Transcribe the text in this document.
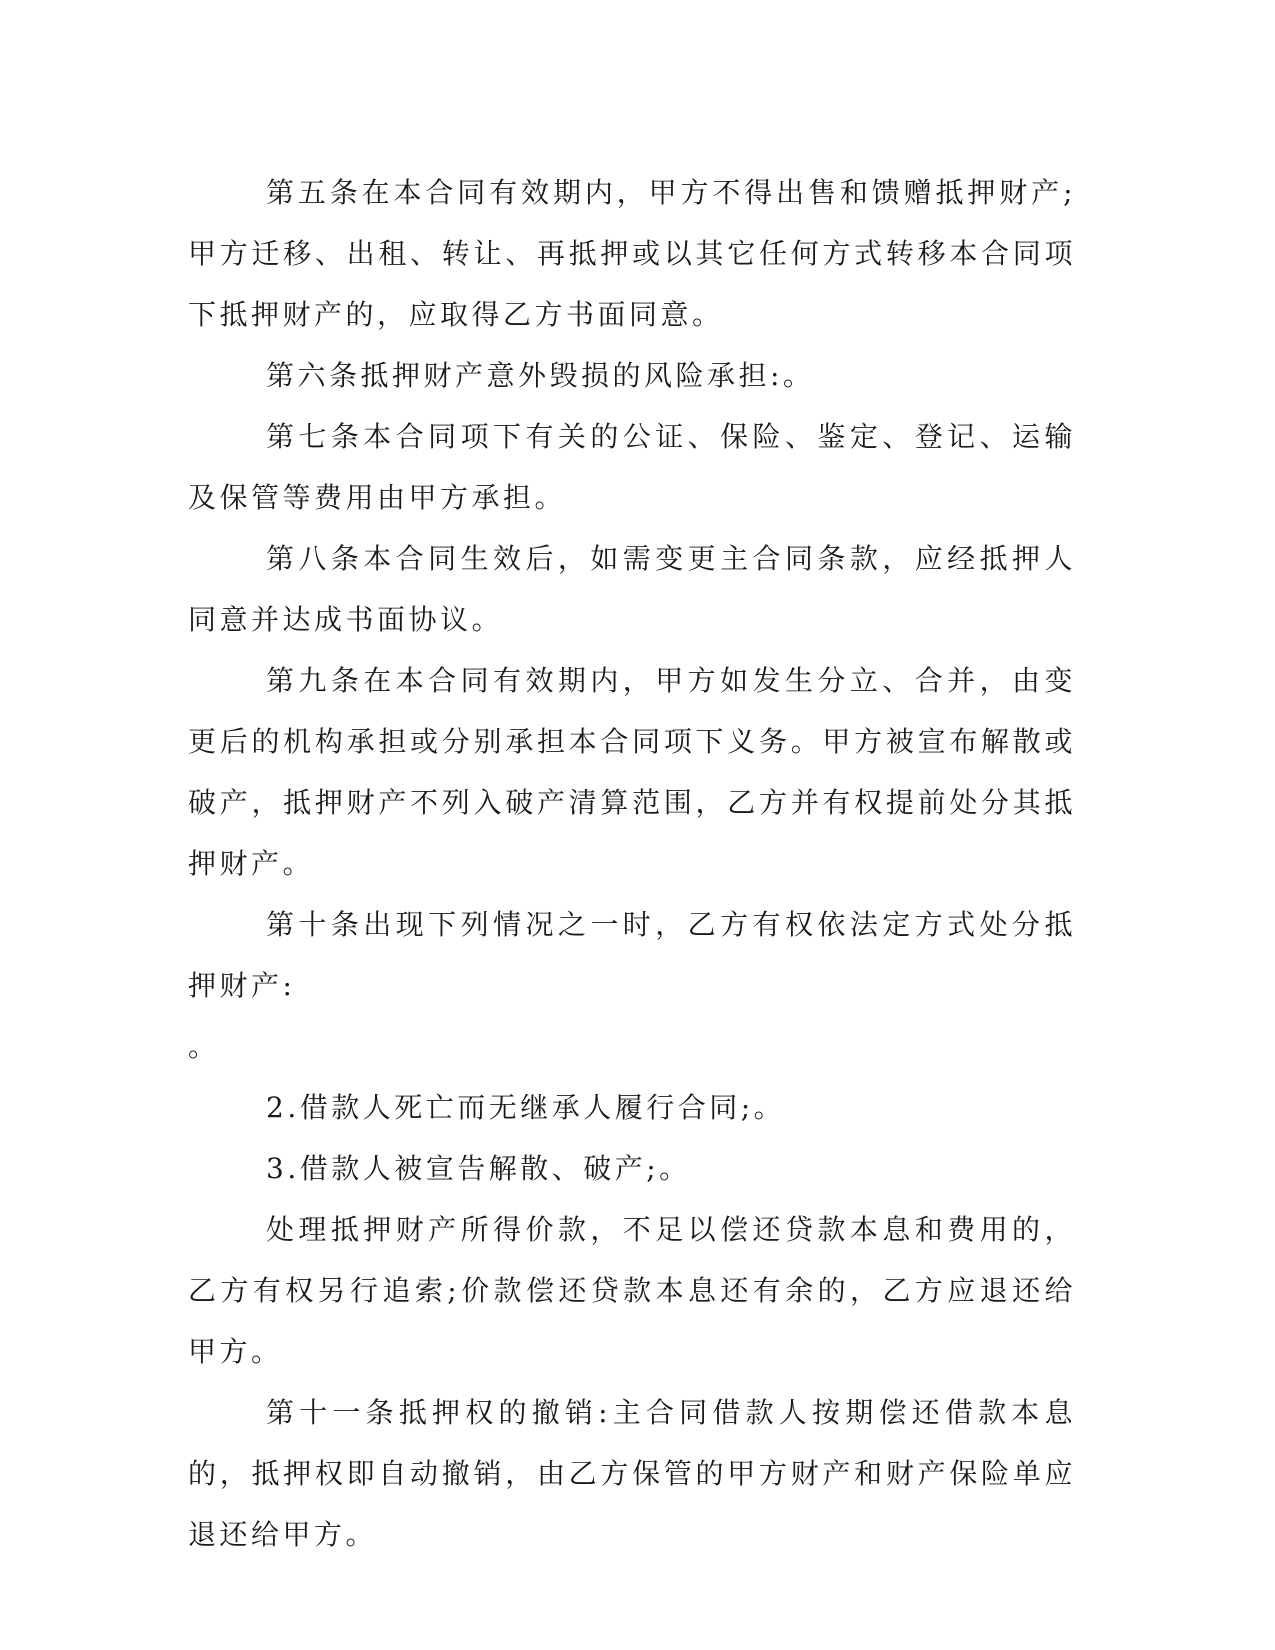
第五条在本合同有效期内，甲方不得出售和馈赠抵押财产;甲方迁移、出租、转让、再抵押或以其它任何方式转移本合同项下抵押财产的，应取得乙方书面同意。

第六条抵押财产意外毁损的风险承担:。

第七条本合同项下有关的公证、保险、鉴定、登记、运输及保管等费用由甲方承担。

第八条本合同生效后，如需变更主合同条款，应经抵押人同意并达成书面协议。

第九条在本合同有效期内，甲方如发生分立、合并，由变更后的机构承担或分别承担本合同项下义务。甲方被宣布解散或破产，抵押财产不列入破产清算范围，乙方并有权提前处分其抵押财产。

第十条出现下列情况之一时，乙方有权依法定方式处分抵押财产:

。

2.借款人死亡而无继承人履行合同;。

3.借款人被宣告解散、破产;。

处理抵押财产所得价款，不足以偿还贷款本息和费用的，乙方有权另行追索;价款偿还贷款本息还有余的，乙方应退还给甲方。

第十一条抵押权的撤销:主合同借款人按期偿还借款本息的，抵押权即自动撤销，由乙方保管的甲方财产和财产保险单应退还给甲方。
